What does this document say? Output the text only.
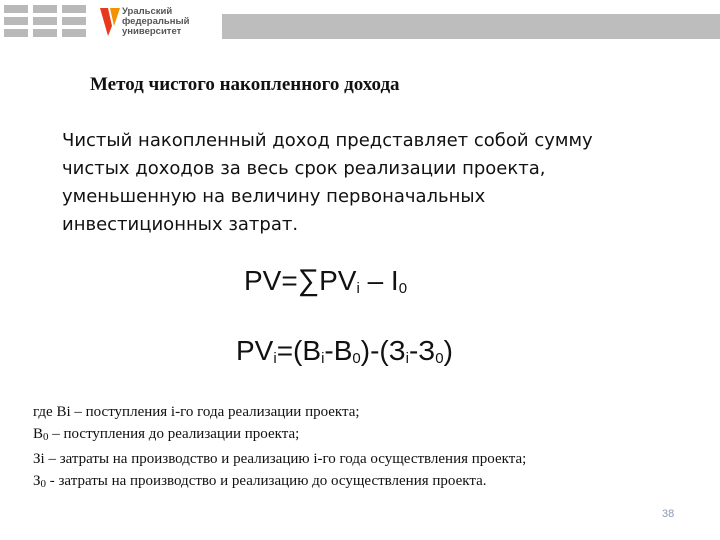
Уральский
федеральный
университет
Метод чистого накопленного дохода
Чистый накопленный доход представляет собой сумму
чистых доходов за весь срок реализации проекта,
уменьшенную на величину первоначальных
инвестиционных затрат.
$PV=\sum PV_i - I_0$
$PV_i=(B_i-B_0)-(З_i-З_0)$
где Вi – поступления i-го года реализации проекта;
$В_0$ – поступления до реализации проекта;
Зi – затраты на производство и реализацию i-го года осуществления проекта;
$З_0$ - затраты на производство и реализацию до осуществления проекта.
38
